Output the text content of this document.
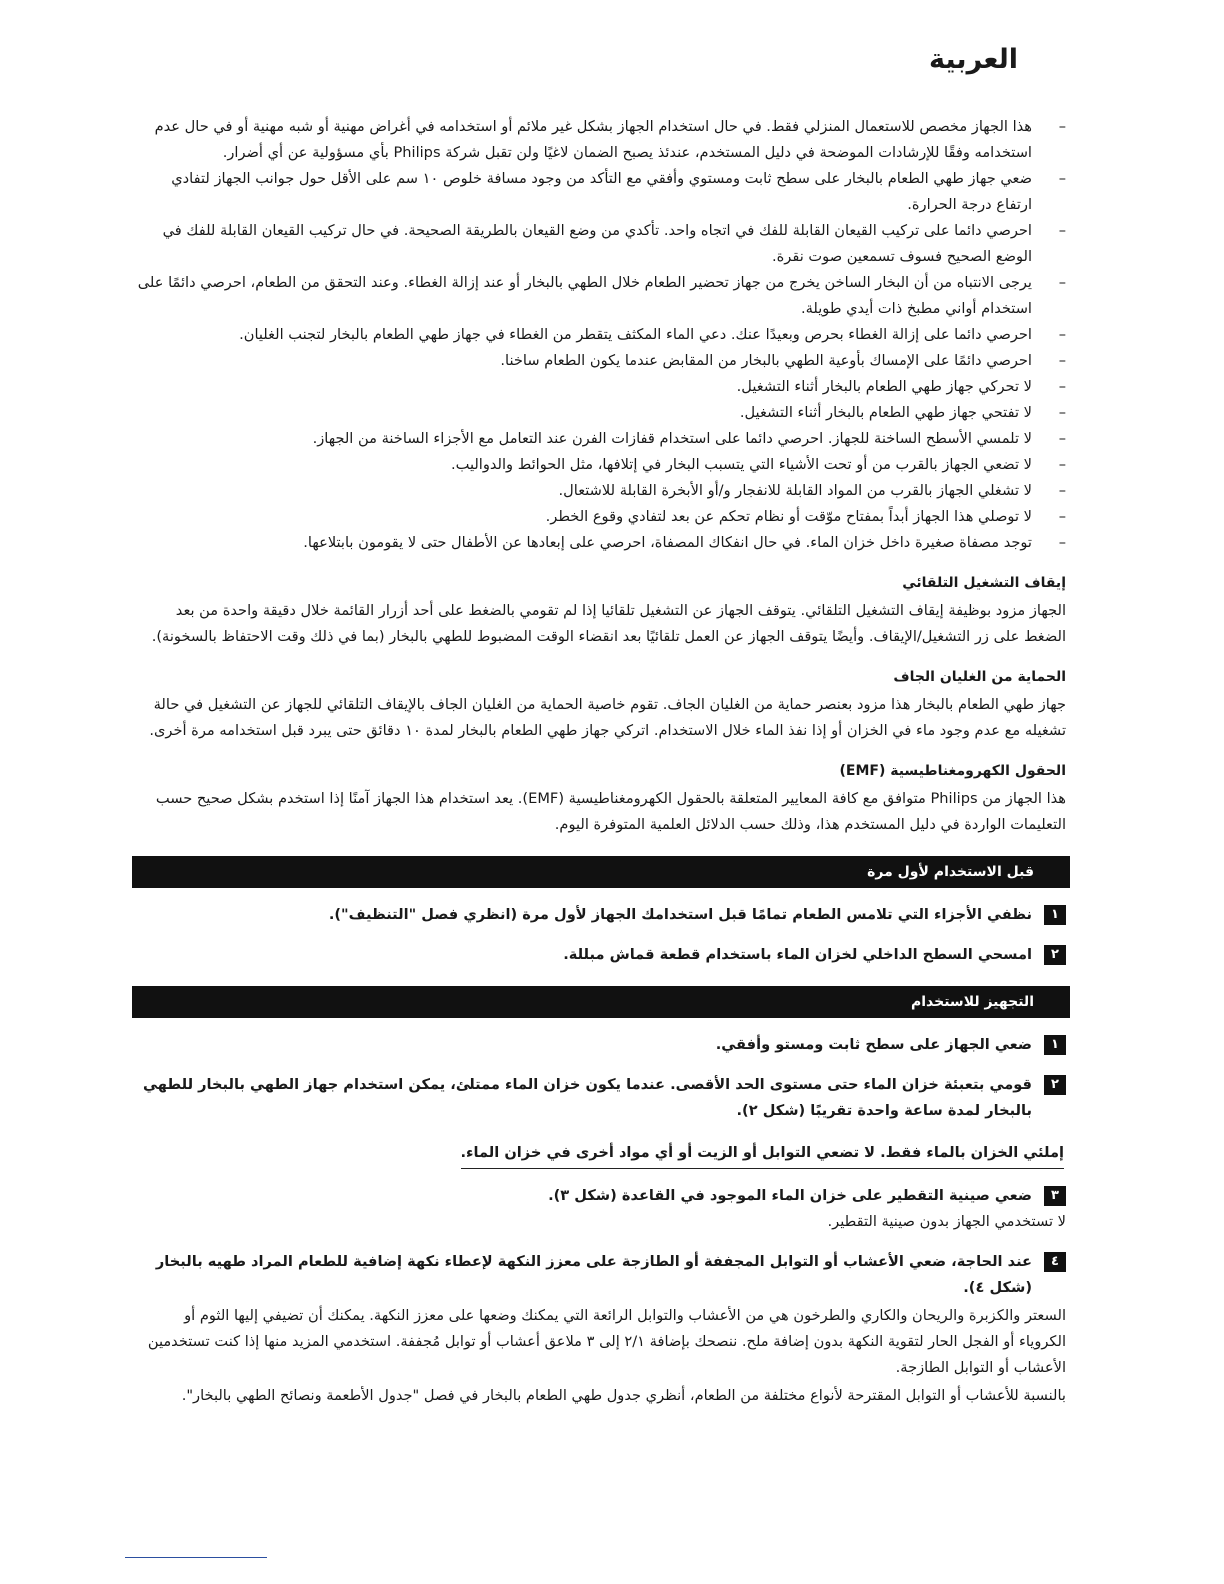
العربية
–
هذا الجهاز مخصص للاستعمال المنزلي فقط. في حال استخدام الجهاز بشكل غير ملائم أو استخدامه في أغراض مهنية أو شبه مهنية أو في حال عدم استخدامه وفقًا للإرشادات الموضحة في دليل المستخدم، عندئذ يصبح الضمان لاغيًا ولن تقبل شركة Philips بأي مسؤولية عن أي أضرار.
–
ضعي جهاز طهي الطعام بالبخار على سطح ثابت ومستوي وأفقي مع التأكد من وجود مسافة خلوص ١٠ سم على الأقل حول جوانب الجهاز لتفادي ارتفاع درجة الحرارة.
–
احرصي دائما على تركيب القيعان القابلة للفك في اتجاه واحد. تأكدي من وضع القيعان بالطريقة الصحيحة. في حال تركيب القيعان القابلة للفك في الوضع الصحيح فسوف تسمعين صوت نقرة.
–
يرجى الانتباه من أن البخار الساخن يخرج من جهاز تحضير الطعام خلال الطهي بالبخار أو عند إزالة الغطاء. وعند التحقق من الطعام، احرصي دائمًا على استخدام أواني مطبخ ذات أيدي طويلة.
–
احرصي دائما على إزالة الغطاء بحرص وبعيدًا عنك. دعي الماء المكثف يتقطر من الغطاء في جهاز طهي الطعام بالبخار لتجنب الغليان.
–
احرصي دائمًا على الإمساك بأوعية الطهي بالبخار من المقابض عندما يكون الطعام ساخنا.
–
لا تحركي جهاز طهي الطعام بالبخار أثناء التشغيل.
–
لا تفتحي جهاز طهي الطعام بالبخار أثناء التشغيل.
–
لا تلمسي الأسطح الساخنة للجهاز. احرصي دائما على استخدام قفازات الفرن عند التعامل مع الأجزاء الساخنة من الجهاز.
–
لا تضعي الجهاز بالقرب من أو تحت الأشياء التي يتسبب البخار في إتلافها، مثل الحوائط والدواليب.
–
لا تشغلي الجهاز بالقرب من المواد القابلة للانفجار و/أو الأبخرة القابلة للاشتعال.
–
لا توصلي هذا الجهاز أبداً بمفتاح موّقت أو نظام تحكم عن بعد لتفادي وقوع الخطر.
–
توجد مصفاة صغيرة داخل خزان الماء. في حال انفكاك المصفاة، احرصي على إبعادها عن الأطفال حتى لا يقومون بابتلاعها.
إيقاف التشغيل التلقائي

الجهاز مزود بوظيفة إيقاف التشغيل التلقائي. يتوقف الجهاز عن التشغيل تلقائيا إذا لم تقومي بالضغط على أحد أزرار القائمة خلال دقيقة واحدة من بعد الضغط على زر التشغيل/الإيقاف. وأيضًا يتوقف الجهاز عن العمل تلقائيًا بعد انقضاء الوقت المضبوط للطهي بالبخار (بما في ذلك وقت الاحتفاظ بالسخونة).

الحماية من الغليان الجاف

جهاز طهي الطعام بالبخار هذا مزود بعنصر حماية من الغليان الجاف. تقوم خاصية الحماية من الغليان الجاف بالإيقاف التلقائي للجهاز عن التشغيل في حالة تشغيله مع عدم وجود ماء في الخزان أو إذا نفذ الماء خلال الاستخدام. اتركي جهاز طهي الطعام بالبخار لمدة ١٠ دقائق حتى يبرد قبل استخدامه مرة أخرى.

الحقول الكهرومغناطيسية (EMF)

هذا الجهاز من Philips متوافق مع كافة المعايير المتعلقة بالحقول الكهرومغناطيسية (EMF). يعد استخدام هذا الجهاز آمنًا إذا استخدم بشكل صحيح حسب التعليمات الواردة في دليل المستخدم هذا، وذلك حسب الدلائل العلمية المتوفرة اليوم.

قبل الاستخدام لأول مرة
١
نظفي الأجزاء التي تلامس الطعام تمامًا قبل استخدامك الجهاز لأول مرة (انظري فصل "التنظيف").
٢
امسحي السطح الداخلي لخزان الماء باستخدام قطعة قماش مبللة.
التجهيز للاستخدام
١
ضعي الجهاز على سطح ثابت ومستو وأفقي.
٢
قومي بتعبئة خزان الماء حتى مستوى الحد الأقصى. عندما يكون خزان الماء ممتلئ، يمكن استخدام جهاز الطهي بالبخار للطهي بالبخار لمدة ساعة واحدة تقريبًا (شكل ٢).
إملئي الخزان بالماء فقط. لا تضعي التوابل أو الزيت أو أي مواد أخرى في خزان الماء.
٣
ضعي صينية التقطير على خزان الماء الموجود في القاعدة (شكل ٣).

لا تستخدمي الجهاز بدون صينية التقطير.

٤
عند الحاجة، ضعي الأعشاب أو التوابل المجففة أو الطازجة على معزز النكهة لإعطاء نكهة إضافية للطعام المراد طهيه بالبخار (شكل ٤).

السعتر والكزبرة والريحان والكاري والطرخون هي من الأعشاب والتوابل الرائعة التي يمكنك وضعها على معزز النكهة. يمكنك أن تضيفي إليها الثوم أو الكروياء أو الفجل الحار لتقوية النكهة بدون إضافة ملح. ننصحك بإضافة ٢/١ إلى ٣ ملاعق أعشاب أو توابل مُجففة. استخدمي المزيد منها إذا كنت تستخدمين الأعشاب أو التوابل الطازجة.

بالنسبة للأعشاب أو التوابل المقترحة لأنواع مختلفة من الطعام، أنظري جدول طهي الطعام بالبخار في فصل "جدول الأطعمة ونصائح الطهي بالبخار".
